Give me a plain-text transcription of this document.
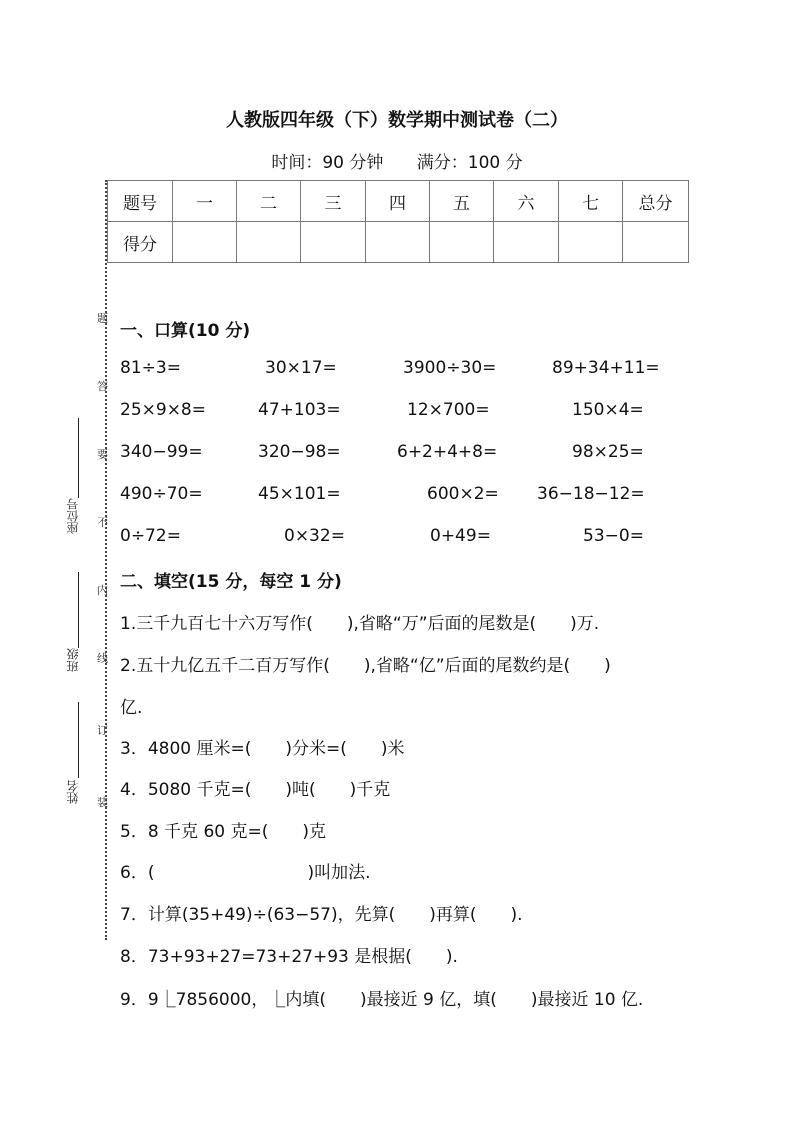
人教版四年级（下）数学期中测试卷（二）
时间：90 分钟 满分：100 分
题号	一	二	三	四	五	六	七	总分
得分								
题
答
要
不
内
线
订
装
座位号
班级
姓名
一、口算(10 分)
81÷3=	30×17=	3900÷30=	89+34+11=
25×9×8=	47+103=	12×700=	150×4=
340−99=	320−98=	6+2+4+8=	98×25=
490÷70=	45×101=	600×2= 36−18−12=
0÷72=	0×32=	0+49=	53−0=
二、填空(15 分，每空 1 分)
1.三千九百七十六万写作(　　),省略“万”后面的尾数是(　　)万.
2.五十九亿五千二百万写作(　　),省略“亿”后面的尾数约是(　　)
亿.
3．4800 厘米=(　　)分米=(　　)米
4．5080 千克=(　　)吨(　　)千克
5．8 千克 60 克=(　　)克
6．(　　　　　　　　　)叫加法.
7．计算(35+49)÷(63−57)，先算(　　)再算(　　).
8．73+93+27=73+27+93 是根据(　　).
9．9⎿7856000，⎿内填(　　)最接近 9 亿，填(　　)最接近 10 亿.
